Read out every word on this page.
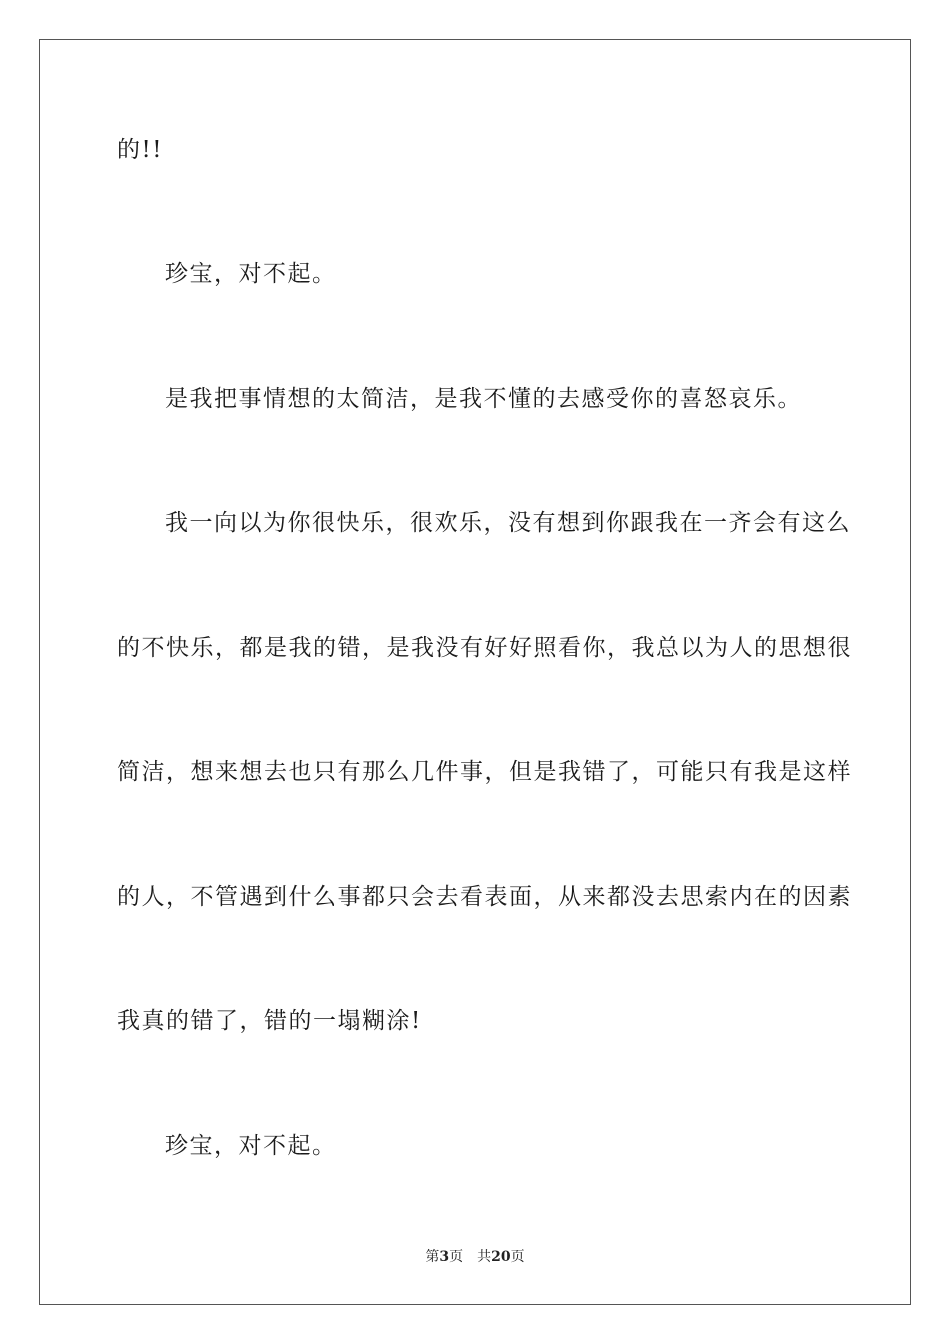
的!!
珍宝，对不起。
是我把事情想的太简洁，是我不懂的去感受你的喜怒哀乐。
我一向以为你很快乐，很欢乐，没有想到你跟我在一齐会有这么
的不快乐，都是我的错，是我没有好好照看你，我总以为人的思想很
简洁，想来想去也只有那么几件事，但是我错了，可能只有我是这样
的人，不管遇到什么事都只会去看表面，从来都没去思索内在的因素
我真的错了，错的一塌糊涂!
珍宝，对不起。
第3页 共20页
